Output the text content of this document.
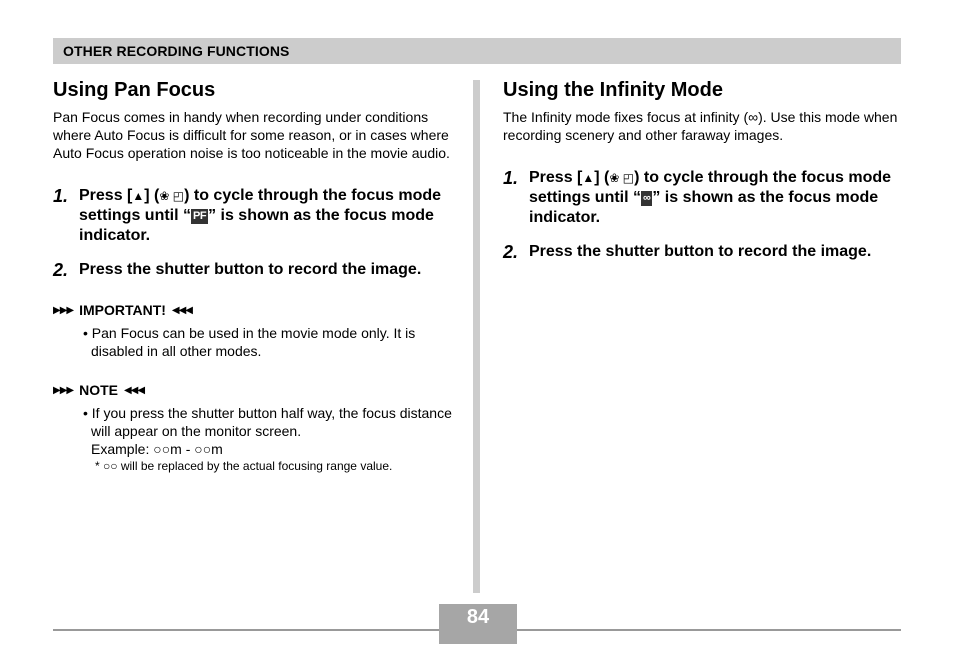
OTHER RECORDING FUNCTIONS
Using Pan Focus

Pan Focus comes in handy when recording under conditions where Auto Focus is difficult for some reason, or in cases where Auto Focus operation noise is too noticeable in the movie audio.

1. Press [▲] (❀ ◰) to cycle through the focus mode settings until “ PF ” is shown as the focus mode indicator.
2. Press the shutter button to record the image.
▶▶▶ IMPORTANT! ◀◀◀

• Pan Focus can be used in the movie mode only. It is disabled in all other modes.

▶▶▶ NOTE ◀◀◀

• If you press the shutter button half way, the focus distance will appear on the monitor screen.
Example: ○○m - ○○m

* ○○ will be replaced by the actual focusing range value.

Using the Infinity Mode

The Infinity mode fixes focus at infinity (∞). Use this mode when recording scenery and other faraway images.

1. Press [▲] (❀ ◰) to cycle through the focus mode settings until “ ∞ ” is shown as the focus mode indicator.
2. Press the shutter button to record the image.
84
